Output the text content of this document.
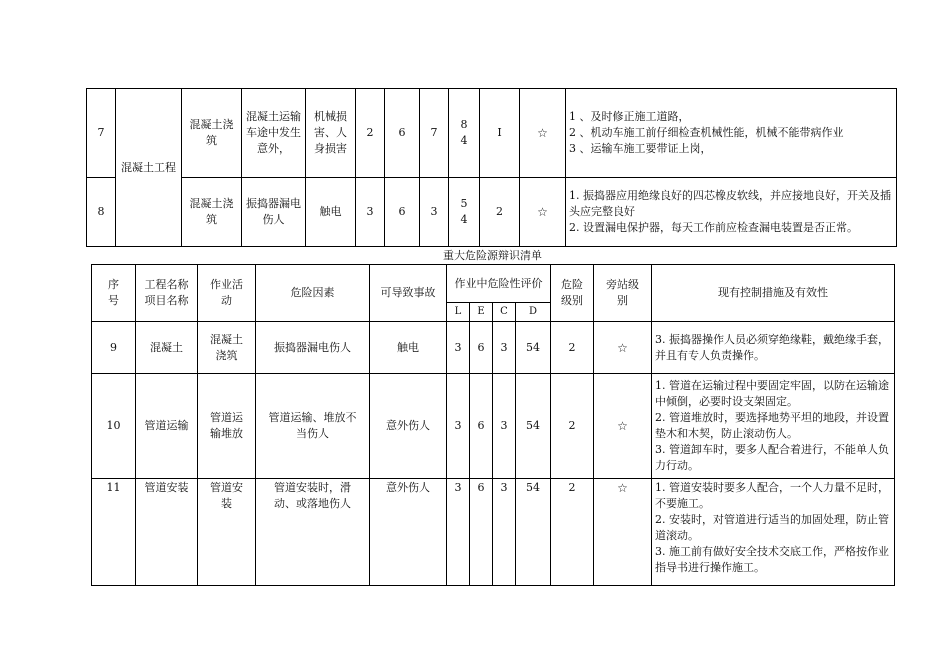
7	混凝土工程	混凝土浇筑	混凝土运输车途中发生意外，	机械损害、人身损害	2	6	7	84	I	☆	1 、及时修正施工道路，
2 、机动车施工前仔细检查机械性能，机械不能带病作业
3 、运输车施工要带证上岗，

8		混凝土浇筑	振捣器漏电伤人	触电	3	6	3	54	2	☆	1. 振捣器应用绝缘良好的四芯橡皮软线，并应接地良好，开关及插头应完整良好
2. 设置漏电保护器，每天工作前应检查漏电装置是否正常。
重大危险源辩识清单
序号	工程名称项目名称	作业活动	危险因素	可导致事故	作业中危险性评价				危险级别	旁站级别	现有控制措施及有效性
					L	E	C	D			
9	混凝土	混凝土浇筑	振捣器漏电伤人	触电	3	6	3	54	2	☆	3. 振捣器操作人员必须穿绝缘鞋，戴绝缘手套，并且有专人负责操作。

10	管道运输	管道运输堆放	管道运输、堆放不当伤人	意外伤人	3	6	3	54	2	☆	1. 管道在运输过程中要固定牢固，以防在运输途中倾倒，必要时设支架固定。
2. 管道堆放时，要选择地势平坦的地段，并设置垫木和木契，防止滚动伤人。
3. 管道卸车时，要多人配合着进行，不能单人负力行动。

11	管道安装	管道安装	管道安装时，滑动、或落地伤人	意外伤人	3	6	3	54	2	☆	1. 管道安装时要多人配合，一个人力量不足时，不要施工。
2. 安装时，对管道进行适当的加固处理，防止管道滚动。
3. 施工前有做好安全技术交底工作，严格按作业指导书进行操作施工。
